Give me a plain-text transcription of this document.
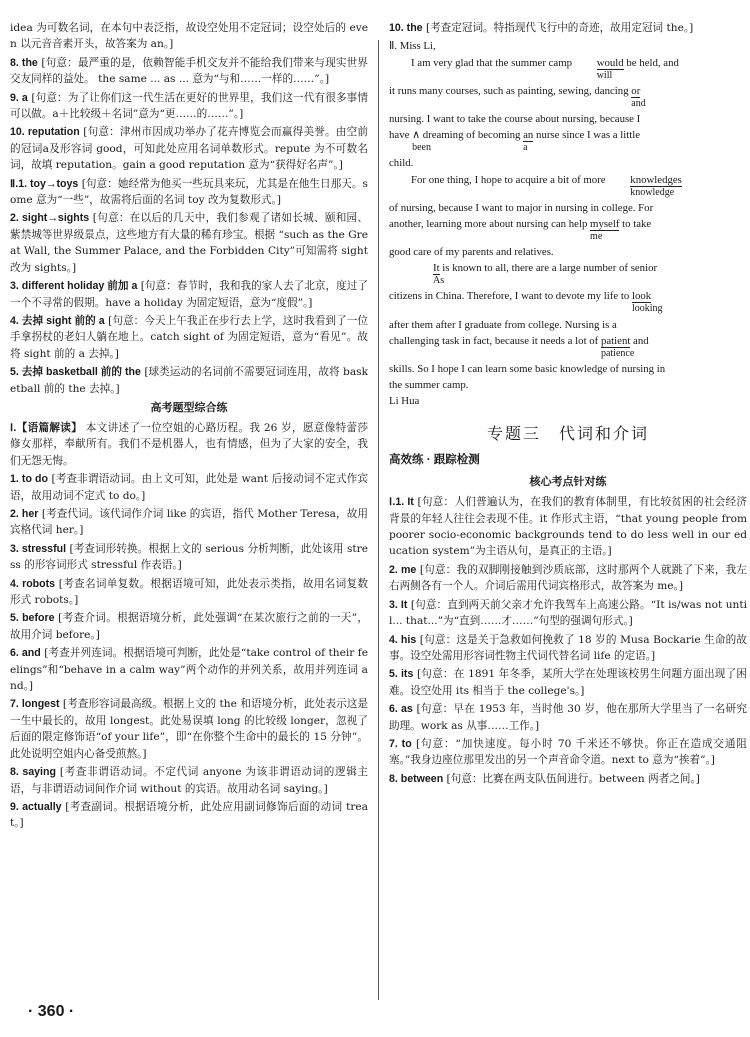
idea 为可数名词，在本句中表泛指，故设空处用不定冠词；设空处后的 even 以元音音素开头，故答案为 an。]

8. the [句意：最严重的是，依赖智能手机交友并不能给我们带来与现实世界交友同样的益处。 the same ... as ... 意为“与和……一样的……”。]

9. a [句意：为了让你们这一代生活在更好的世界里，我们这一代有很多事情可以做。a＋比较级＋名词”意为“更……的……”。]

10. reputation [句意：津州市因成功举办了花卉博览会而赢得美誉。由空前的冠词a及形容词 good，可知此处应用名词单数形式。repute 为不可数名词，故填 reputation。gain a good reputation 意为“获得好名声”。]

Ⅱ.1. toy→toys [句意：她经常为他买一些玩具来玩，尤其是在他生日那天。some 意为“一些”，故需将后面的名词 toy 改为复数形式。]

2. sight→sights [句意：在以后的几天中，我们参观了诸如长城、颐和园、紫禁城等世界级景点，这些地方有大量的稀有珍宝。根据 “such as the Great Wall, the Summer Palace, and the Forbidden City”可知需将 sight 改为 sights。]

3. different holiday 前加 a [句意：春节时，我和我的家人去了北京，度过了一个不寻常的假期。have a holiday 为固定短语，意为“度假”。]

4. 去掉 sight 前的 a [句意：今天上午我正在步行去上学，这时我看到了一位手拿拐杖的老妇人躺在地上。catch sight of 为固定短语，意为“看见”。故将 sight 前的 a 去掉。]

5. 去掉 basketball 前的 the [球类运动的名词前不需要冠词连用，故将 basketball 前的 the 去掉。]

高考题型综合练

Ⅰ.【语篇解读】 本文讲述了一位空姐的心路历程。我 26 岁，愿意像特蕾莎修女那样，奉献所有。我们不是机器人，也有情感，但为了大家的安全，我们无怨无悔。

1. to do [考查非谓语动词。由上文可知，此处是 want 后接动词不定式作宾语，故用动词不定式 to do。]

2. her [考查代词。该代词作介词 like 的宾语，指代 Mother Teresa，故用宾格代词 her。]

3. stressful [考查词形转换。根据上文的 serious 分析判断，此处该用 stress 的形容词形式 stressful 作表语。]

4. robots [考查名词单复数。根据语境可知，此处表示类指，故用名词复数形式 robots。]

5. before [考查介词。根据语境分析，此处强调“在某次旅行之前的一天”，故用介词 before。]

6. and [考查并列连词。根据语境可判断，此处是“take control of their feelings”和“behave in a calm way”两个动作的并列关系，故用并列连词 and。]

7. longest [考查形容词最高级。根据上文的 the 和语境分析，此处表示这是一生中最长的，故用 longest。此处易误填 long 的比较级 longer，忽视了后面的限定修饰语“of your life”，即“在你整个生命中的最长的 15 分钟”。此处说明空姐内心备受煎熬。]

8. saying [考查非谓语动词。不定代词 anyone 为该非谓语动词的逻辑主语，与非谓语动词间作介词 without 的宾语。故用动名词 saying。]

9. actually [考查副词。根据语境分析，此处应用副词修饰后面的动词 treat。]

10. the [考查定冠词。特指现代飞行中的奇迹，故用定冠词 the。]

Ⅱ. Miss Li,

I am very glad that the summer camp would
will
be held, and

it runs many courses, such as painting, sewing, dancing or
and
nursing. I want to take the course about nursing, because I
have ∧
been
dreaming of becoming $\frac{an}{a}$ nurse since I was a little
child.

For one thing, I hope to acquire a bit of more knowledges
knowledge

of nursing, because I want to major in nursing in college. For
another, learning more about nursing can help myself
me
to take
good care of my parents and relatives.

$\frac{It}{As}$ is known to all, there are a large number of senior

citizens in China. Therefore, I want to devote my life to look
looking
after them after I graduate from college. Nursing is a
challenging task in fact, because it needs a lot of patient
patience
and
skills. So I hope I can learn some basic knowledge of nursing in
the summer camp.
Li Hua
专题三　代词和介词
高效练 · 跟踪检测
核心考点针对练

Ⅰ.1. It [句意：人们普遍认为，在我们的教育体制里，有比较贫困的社会经济背景的年轻人往往会表现不佳。it 作形式主语，“that young people from poorer socio-economic backgrounds tend to do less well in our education system”为主语从句，是真正的主语。]

2. me [句意：我的双脚刚接触到沙质底部，这时那两个人就跳了下来，我左右两侧各有一个人。介词后需用代词宾格形式，故答案为 me。]

3. It [句意：直到两天前父亲才允许我驾车上高速公路。“It is/was not until... that...”为“直到……才……”句型的强调句形式。]

4. his [句意：这是关于急救如何挽救了 18 岁的 Musa Bockarie 生命的故事。设空处需用形容词性物主代词代替名词 life 的定语。]

5. its [句意：在 1891 年冬季，某所大学在处理该校男生问题方面出现了困难。设空处用 its 相当于 the college's。]

6. as [句意：早在 1953 年，当时他 30 岁，他在那所大学里当了一名研究助理。work as 从事……工作。]

7. to [句意：“加快速度。每小时 70 千米还不够快。你正在造成交通阻塞。”我身边座位那里发出的另一个声音命令道。next to 意为“挨着”。]

8. between [句意：比赛在两支队伍间进行。between 两者之间。]

· 360 ·
